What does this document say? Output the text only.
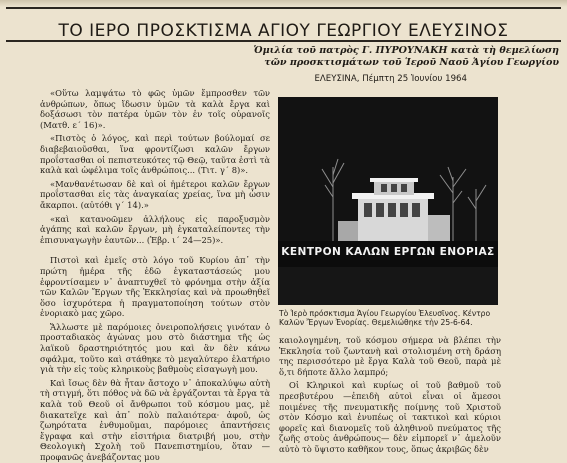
ΤΟ ΙΕΡΟ ΠΡΟΣΚΤΙΣΜΑ ΑΓΙΟΥ ΓΕΩΡΓΙΟΥ ΕΛΕΥΣΙΝΟΣ
Ὁμιλία τοῦ πατρὸς Γ. ΠΥΡΟΥΝΑΚΗ κατὰ τὴ θεμελίωση
τῶν προσκτισμάτων τοῦ Ἱεροῦ Ναοῦ Ἁγίου Γεωργίου
ΕΛΕΥΣΙΝΑ, Πέμπτη 25 Ἰουνίου 1964

«Οὕτω λαμψάτω τὸ φῶς ὑμῶν ἔμπροσθεν τῶν ἀνθρώπων, ὅπως ἴδωσιν ὑμῶν τὰ καλὰ ἔργα καὶ δοξάσωσι τὸν πατέρα ὑμῶν τὸν ἐν τοῖς οὐρανοῖς (Ματθ. ε΄ 16)».

«Πιστὸς ὁ λόγος, καὶ περὶ τούτων βούλομαί σε διαβεβαιοῦσθαι, ἵνα φροντίζωσι καλῶν ἔργων προΐστασθαι οἱ πεπιστευκότες τῷ Θεῷ, ταῦτα ἐστὶ τὰ καλὰ καὶ ὠφέλιμα τοῖς ἀνθρώποις... (Τιτ. γ΄ 8)».

«Μανθανέτωσαν δὲ καὶ οἱ ἡμέτεροι καλῶν ἔργων προΐστασθαι εἰς τὰς ἀναγκαίας χρείας, ἵνα μὴ ὦσιν ἄκαρποι. (αὐτόθι γ΄ 14).»

«καὶ κατανοῶμεν ἀλλήλους εἰς παροξυσμὸν ἀγάπης καὶ καλῶν ἔργων, μὴ ἐγκαταλείποντες τὴν ἐπισυναγωγὴν ἑαυτῶν... (Ἑβρ. ι΄ 24—25)».

Πιστοὶ καὶ ἐμεῖς στὸ λόγο τοῦ Κυρίου ἀπ᾿ τὴν πρώτη ἡμέρα τῆς ἐδῶ ἐγκαταστάσεώς μου ἐφροντίσαμεν ν᾿ ἀναπτυχθεῖ τὸ φρόνημα στὴν ἀξία τῶν Καλῶν Ἔργων τῆς Ἐκκλησίας καὶ νὰ προωθηθεῖ ὅσο ἰσχυρότερα ἡ πραγματοποίηση τούτων στὸν ἐνοριακὸ μας χῶρο.

Ἄλλωστε μὲ παρόμοιες ὀνειροπολήσεις γινόταν ὁ προσταδιακὸς ἀγώνας μου στὸ διάστημα τῆς ὡς λαϊκοῦ δραστηριότητός μου καὶ ἂν δὲν κάνω σφάλμα, τοῦτο καὶ στάθηκε τὸ μεγαλύτερο ἐλατήριο γιὰ τὴν εἰς τοὺς κληρικοὺς βαθμοὺς εἰσαγωγὴ μου.

Καὶ ἴσως δὲν θὰ ἦταν ἄστοχο ν᾿ ἀποκαλύψω αὐτὴ τὴ στιγμή, ὅτι πόθος νὰ δῶ νὰ ἐργάζονται τὰ ἔργα τὰ καλὰ τοῦ Θεοῦ οἱ ἄνθρωποι τοῦ κόσμου μας, μὲ διακατεῖχε καὶ ἀπ᾿ πολὺ παλαιότερα· ἀφοῦ, ὡς ζωηρότατα ἐνθυμοῦμαι, παρόμοιες ἀπαντήσεις ἔγραφα καὶ στὴν εἰσιτήρια διατριβή μου, στὴν Θεολογικὴ Σχολὴ τοῦ Πανεπιστημίου, ὅταν —προφανῶς ἀνεβάζοντας μου

ΚΕΝΤΡΟΝ ΚΑΛΩΝ ΕΡΓΩΝ ΕΝΟΡΙΑΣ
Τὸ Ἱερὸ πρόσκτισμα Ἁγίου Γεωργίου Ἐλευσῖνος. Κέντρο Καλῶν Ἔργων Ἐνορίας. Θεμελιώθηκε τὴν 25-6-64.

καιολογημένη, τοῦ κόσμου σήμερα νὰ βλέπει τὴν Ἐκκλησία τοῦ ζωντανὴ καὶ στολισμένη στὴ δράση της περισσότερο μὲ ἔργα Καλὰ τοῦ Θεοῦ, παρὰ μὲ ὅ,τι δήποτε ἄλλο λαμπρό;

Οἱ Κληρικοὶ καὶ κυρίως οἱ τοῦ βαθμοῦ τοῦ πρεσβυτέρου —ἐπειδὴ αὐτοὶ εἶναι οἱ ἄμεσοι ποιμένες τῆς πνευματικῆς ποίμνης τοῦ Χριστοῦ στὸν Κόσμο καὶ ἐνυπέως οἱ τακτικοὶ καὶ κύριοι φορεῖς καὶ διανομεῖς τοῦ ἀληθινοῦ πνεύματος τῆς ζωῆς στοὺς ἀνθρώπους— δὲν εἰμπορεῖ ν᾿ ἀμελοῦν αὐτὸ τὸ ὕψιστο καθῆκον τους, ὅπως ἀκριβῶς δὲν
